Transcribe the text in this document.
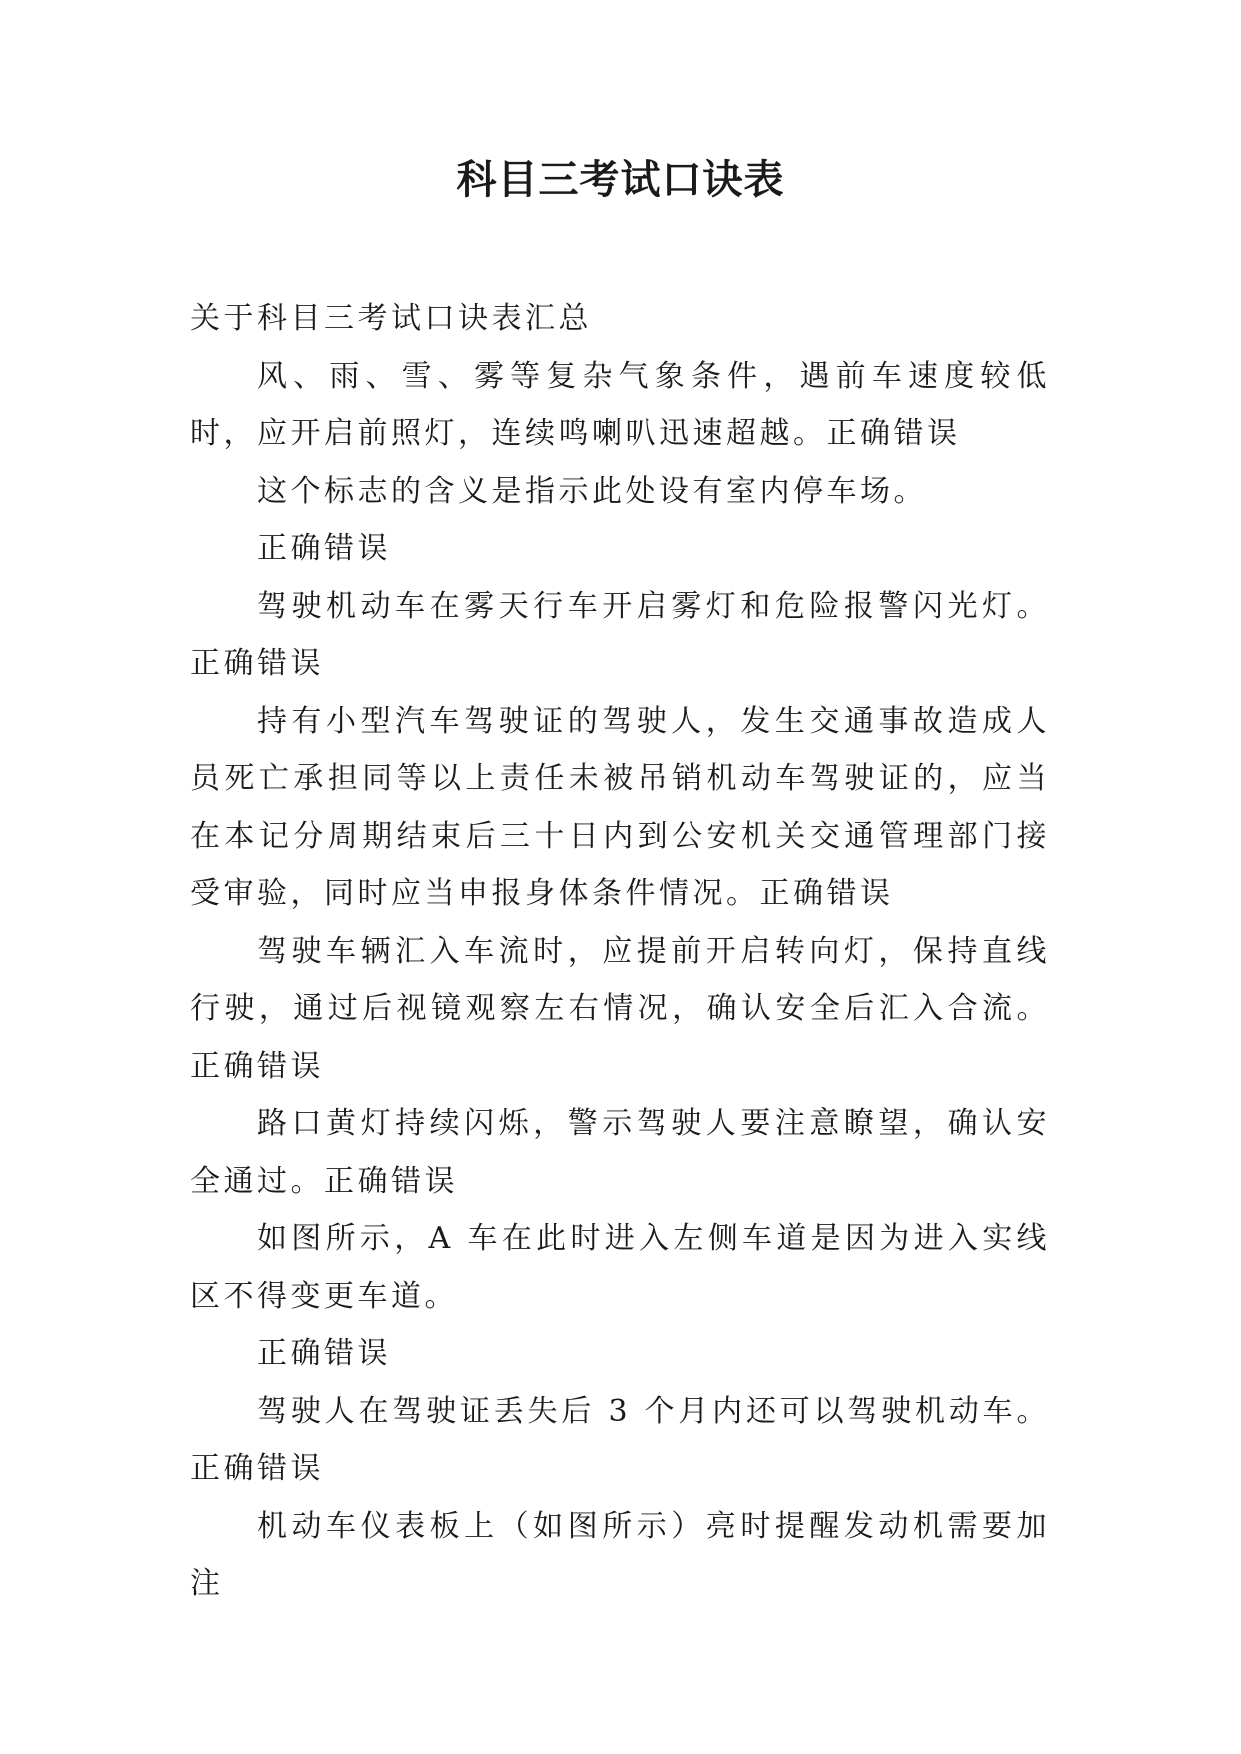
科目三考试口诀表

关于科目三考试口诀表汇总

风、雨、雪、雾等复杂气象条件，遇前车速度较低时，应开启前照灯，连续鸣喇叭迅速超越。正确错误

这个标志的含义是指示此处设有室内停车场。

正确错误

驾驶机动车在雾天行车开启雾灯和危险报警闪光灯。正确错误

持有小型汽车驾驶证的驾驶人，发生交通事故造成人员死亡承担同等以上责任未被吊销机动车驾驶证的，应当在本记分周期结束后三十日内到公安机关交通管理部门接受审验，同时应当申报身体条件情况。正确错误

驾驶车辆汇入车流时，应提前开启转向灯，保持直线行驶，通过后视镜观察左右情况，确认安全后汇入合流。正确错误

路口黄灯持续闪烁，警示驾驶人要注意瞭望，确认安全通过。正确错误

如图所示，A 车在此时进入左侧车道是因为进入实线区不得变更车道。

正确错误

驾驶人在驾驶证丢失后 3 个月内还可以驾驶机动车。正确错误

机动车仪表板上（如图所示）亮时提醒发动机需要加注
